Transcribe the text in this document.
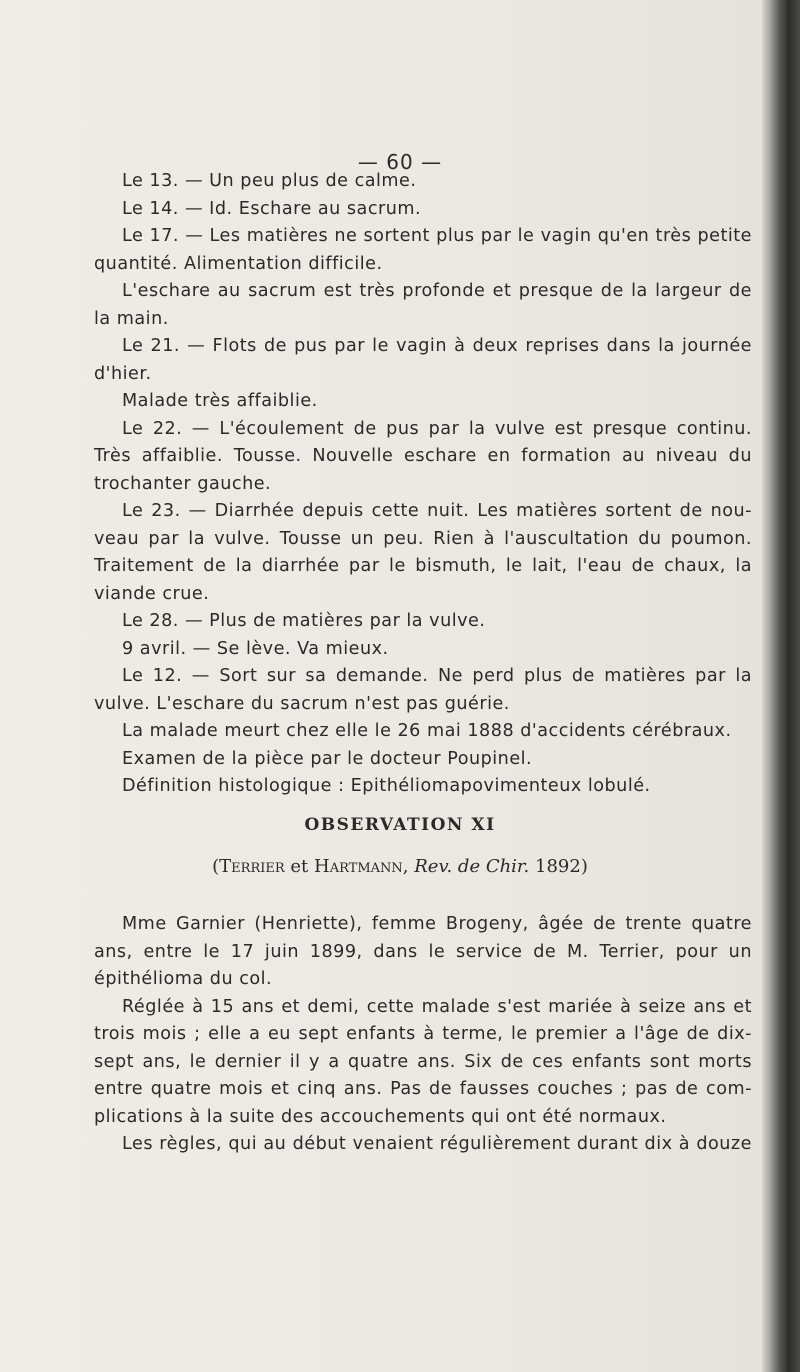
— 60 —
Le 13. — Un peu plus de calme.
Le 14. — Id. Eschare au sacrum.
Le 17. — Les matières ne sortent plus par le vagin qu'en très petite
quantité. Alimentation difficile.
L'eschare au sacrum est très profonde et presque de la largeur de
la main.
Le 21. — Flots de pus par le vagin à deux reprises dans la journée
d'hier.
Malade très affaiblie.
Le 22. — L'écoulement de pus par la vulve est presque continu.
Très affaiblie. Tousse. Nouvelle eschare en formation au niveau du
trochanter gauche.
Le 23. — Diarrhée depuis cette nuit. Les matières sortent de nou-
veau par la vulve. Tousse un peu. Rien à l'auscultation du poumon.
Traitement de la diarrhée par le bismuth, le lait, l'eau de chaux, la
viande crue.
Le 28. — Plus de matières par la vulve.
9 avril. — Se lève. Va mieux.
Le 12. — Sort sur sa demande. Ne perd plus de matières par la
vulve. L'eschare du sacrum n'est pas guérie.
La malade meurt chez elle le 26 mai 1888 d'accidents cérébraux.
Examen de la pièce par le docteur Poupinel.
Définition histologique : Epithéliomapovimenteux lobulé.
OBSERVATION XI
(Terrier et Hartmann, Rev. de Chir. 1892)
Mme Garnier (Henriette), femme Brogeny, âgée de trente quatre
ans, entre le 17 juin 1899, dans le service de M. Terrier, pour un
épithélioma du col.
Réglée à 15 ans et demi, cette malade s'est mariée à seize ans et
trois mois ; elle a eu sept enfants à terme, le premier a l'âge de dix-
sept ans, le dernier il y a quatre ans. Six de ces enfants sont morts
entre quatre mois et cinq ans. Pas de fausses couches ; pas de com-
plications à la suite des accouchements qui ont été normaux.
Les règles, qui au début venaient régulièrement durant dix à douze
